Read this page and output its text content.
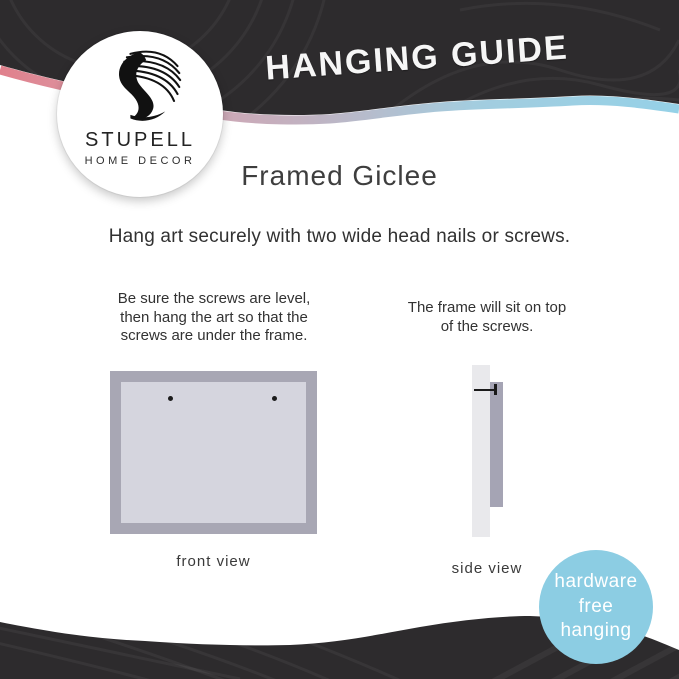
HANGING GUIDE
STUPELL
HOME DECOR	Framed Giclee
Hang art securely with two wide head nails or screws.
Be sure the screws are level,
then hang the art so that the
screws are under the frame.
front view
The frame will sit on top
of the screws.
side view
hardware
free
hanging
